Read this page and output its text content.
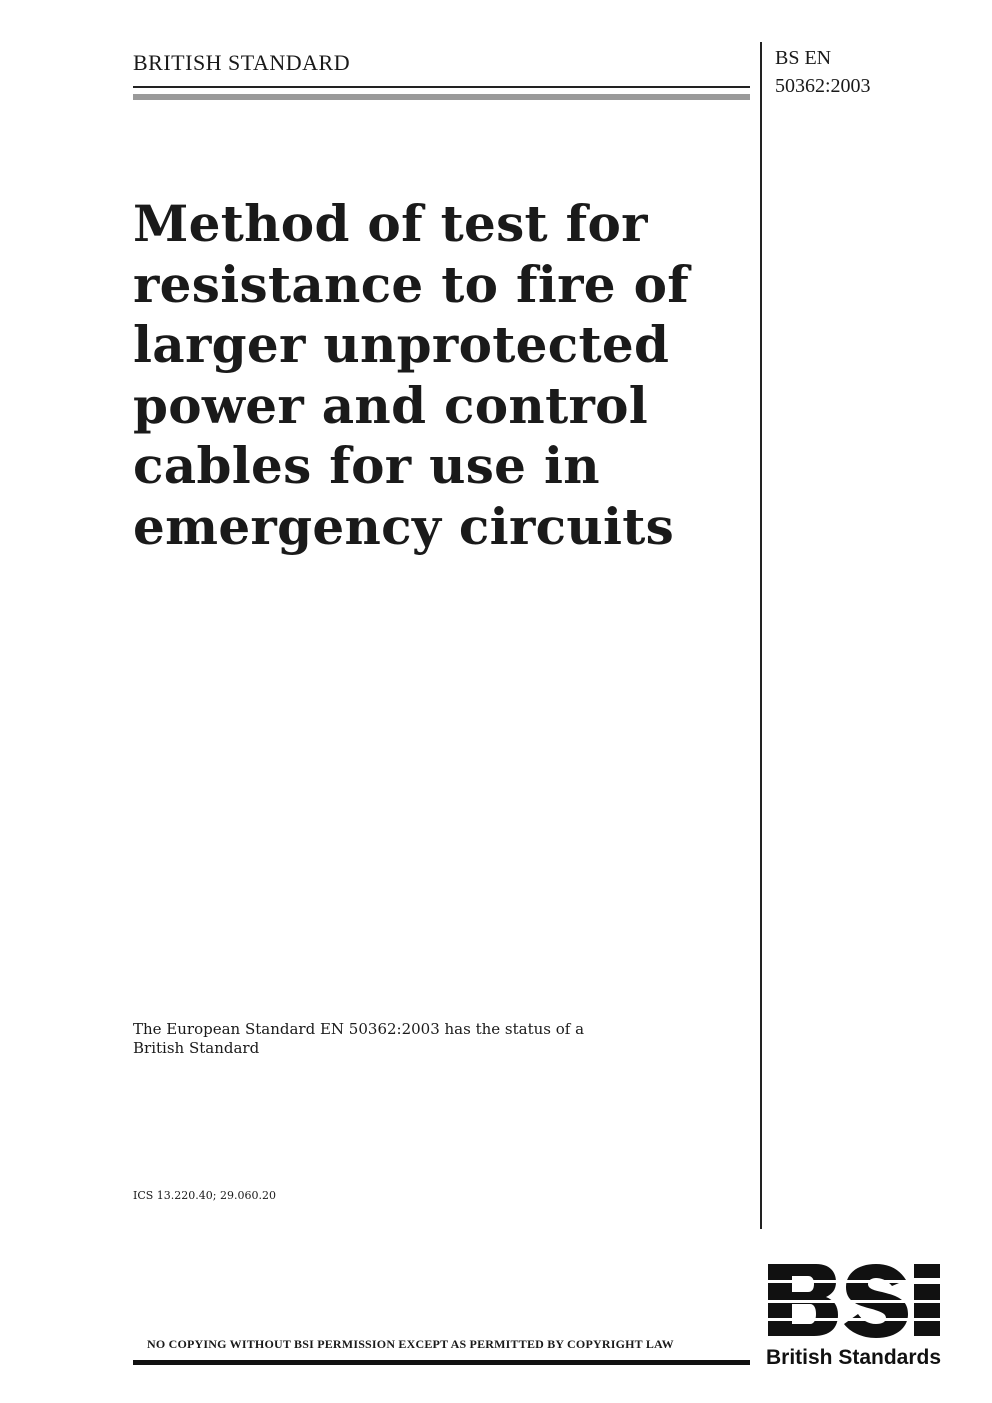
BRITISH STANDARD	BS EN
50362:2003
Method of test for
resistance to fire of
larger unprotected
power and control
cables for use in
emergency circuits
The European Standard EN 50362:2003 has the status of a
British Standard
ICS 13.220.40; 29.060.20
NO COPYING WITHOUT BSI PERMISSION EXCEPT AS PERMITTED BY COPYRIGHT LAW
British Standards
